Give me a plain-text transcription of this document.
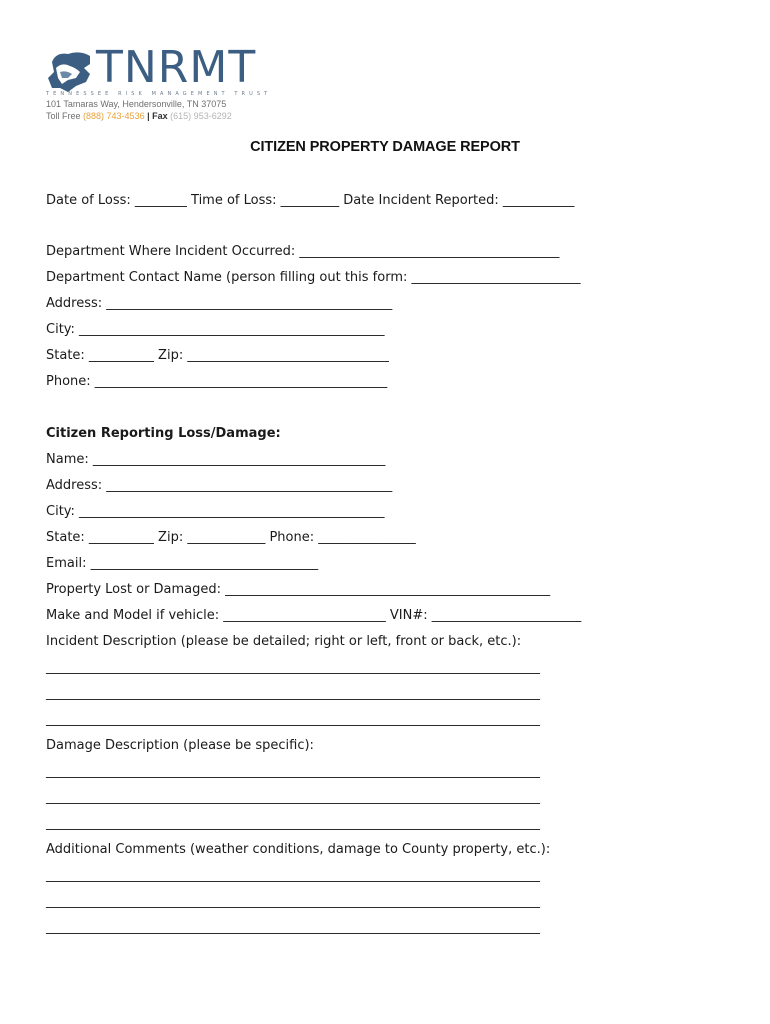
TNRMT
TENNESSEE RISK MANAGEMENT TRUST
101 Tamaras Way, Hendersonville, TN 37075
Toll Free (888) 743-4536 | Fax (615) 953-6292
CITIZEN PROPERTY DAMAGE REPORT
Date of Loss: ________ Time of Loss: _________ Date Incident Reported: ___________
Department Where Incident Occurred: ________________________________________
Department Contact Name (person filling out this form: __________________________
Address: ____________________________________________
City: _______________________________________________
State: __________ Zip: _______________________________
Phone: _____________________________________________
Citizen Reporting Loss/Damage:
Name: _____________________________________________
Address: ____________________________________________
City: _______________________________________________
State: __________ Zip: ____________ Phone: _______________
Email: ___________________________________
Property Lost or Damaged: __________________________________________________
Make and Model if vehicle: _________________________ VIN#: _______________________
Incident Description (please be detailed; right or left, front or back, etc.):
____________________________________________________________________________
____________________________________________________________________________
____________________________________________________________________________
Damage Description (please be specific):
____________________________________________________________________________
____________________________________________________________________________
____________________________________________________________________________
Additional Comments (weather conditions, damage to County property, etc.):
____________________________________________________________________________
____________________________________________________________________________
____________________________________________________________________________
